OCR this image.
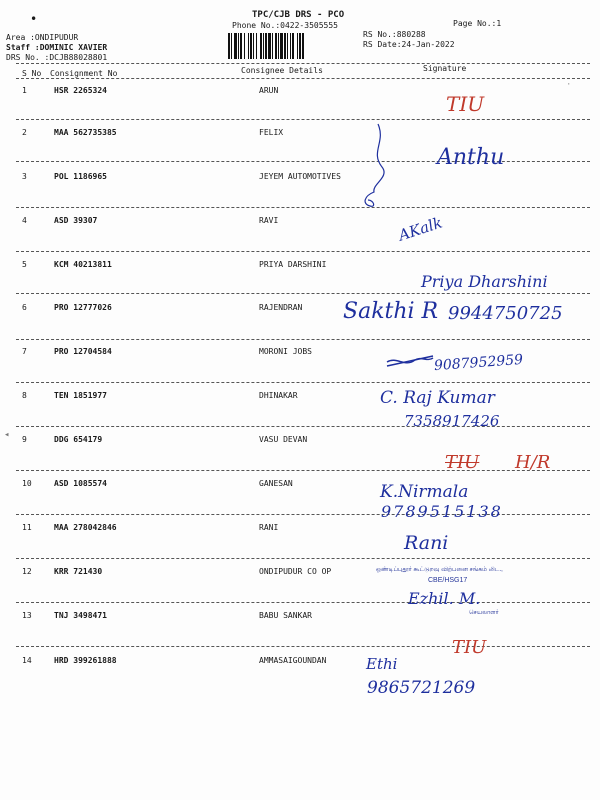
•	TPC/CJB DRS - PCO
Phone No.:0422-3505555	Page No.:1
Area :ONDIPUDUR
Staff :DOMINIC XAVIER
DRS No. :DCJB88028801
RS No.:880288
RS Date:24-Jan-2022
S No Consignment No	Consignee Details	Signature
1	HSR 2265324	ARUN
2	MAA 562735385	FELIX
3	POL 1186965	JEYEM AUTOMOTIVES
4	ASD 39307	RAVI
5	KCM 40213811	PRIYA DARSHINI
6	PRO 12777026	RAJENDRAN
7	PRO 12704584	MORONI JOBS
8	TEN 1851977	DHINAKAR
9	DDG 654179	VASU DEVAN
10	ASD 1085574	GANESAN
11	MAA 278042846	RANI
12	KRR 721430	ONDIPUDUR CO OP
13	TNJ 3498471	BABU SANKAR
14	HRD 399261888	AMMASAIGOUNDAN
TIU
Anthu
AKalk
Priya Dharshini
Sakthi R 9944750725
9087952959
C. Raj Kumar
7358917426
TIU H/R
K.Nirmala
9789515138
Rani
ஒண்டிப்புதூர் கூட்டுறவு விற்பனை சங்கம் லிட.,
CBE/HSG17
Ezhil. M.
செயலாளர்
TIU
Ethi
9865721269
◂
·
